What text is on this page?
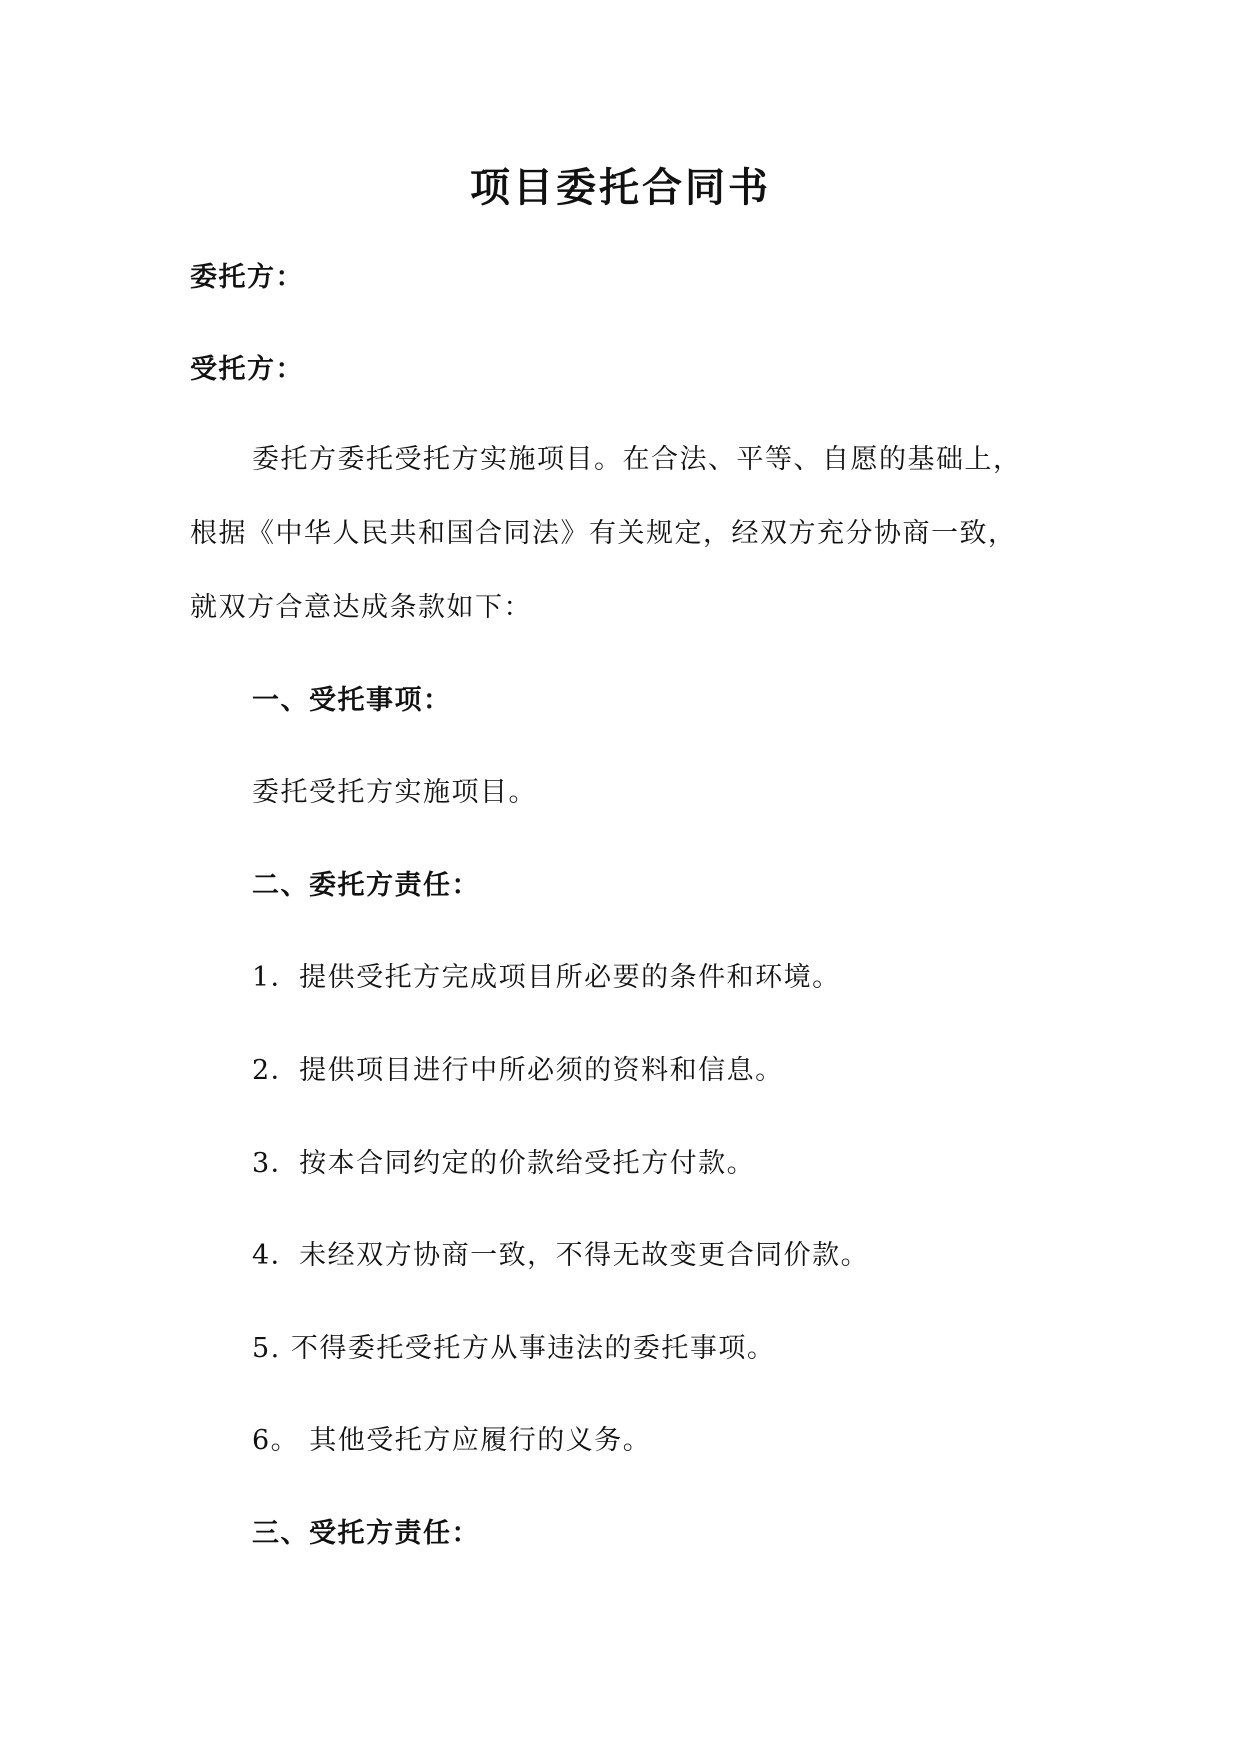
项目委托合同书
委托方：
受托方：
委托方委托受托方实施项目。在合法、平等、自愿的基础上，
根据《中华人民共和国合同法》有关规定，经双方充分协商一致，
就双方合意达成条款如下：
一、受托事项：
委托受托方实施项目。
二、委托方责任：
1．提供受托方完成项目所必要的条件和环境。
2．提供项目进行中所必须的资料和信息。
3．按本合同约定的价款给受托方付款。
4．未经双方协商一致，不得无故变更合同价款。
5. 不得委托受托方从事违法的委托事项。
6。 其他受托方应履行的义务。
三、受托方责任：
